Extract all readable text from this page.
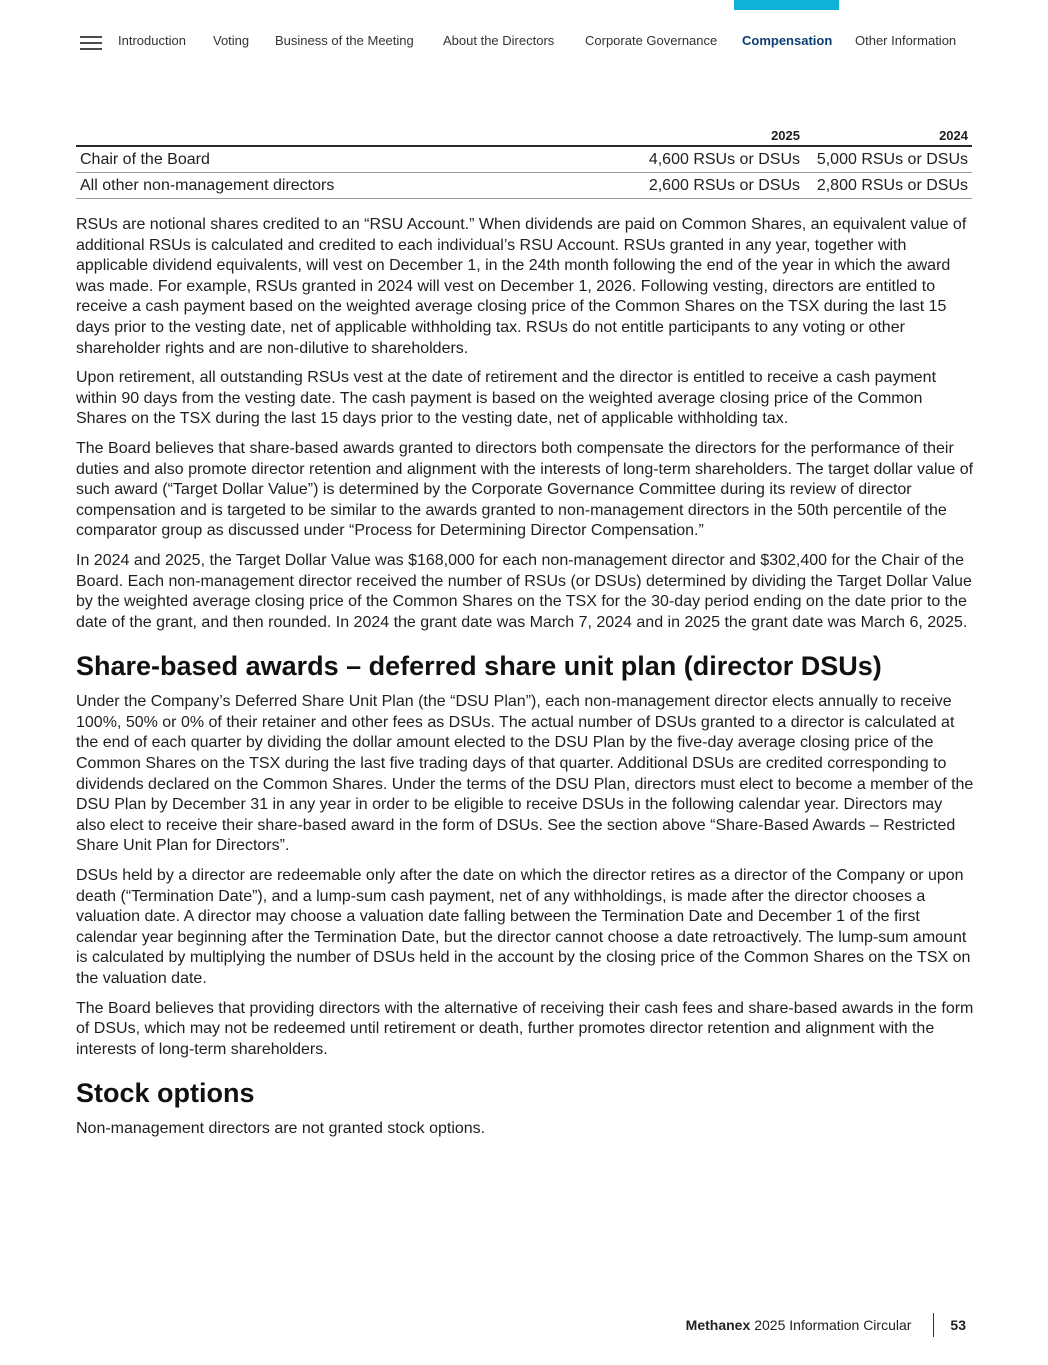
Introduction Voting Business of the Meeting About the Directors Corporate Governance Compensation Other Information
	2025	2024
Chair of the Board	4,600 RSUs or DSUs	5,000 RSUs or DSUs
All other non-management directors	2,600 RSUs or DSUs	2,800 RSUs or DSUs

RSUs are notional shares credited to an “RSU Account.” When dividends are paid on Common Shares, an equivalent value of additional RSUs is calculated and credited to each individual’s RSU Account. RSUs granted in any year, together with applicable dividend equivalents, will vest on December 1, in the 24th month following the end of the year in which the award was made. For example, RSUs granted in 2024 will vest on December 1, 2026. Following vesting, directors are entitled to receive a cash payment based on the weighted average closing price of the Common Shares on the TSX during the last 15 days prior to the vesting date, net of applicable withholding tax. RSUs do not entitle participants to any voting or other shareholder rights and are non-dilutive to shareholders.

Upon retirement, all outstanding RSUs vest at the date of retirement and the director is entitled to receive a cash payment within 90 days from the vesting date. The cash payment is based on the weighted average closing price of the Common Shares on the TSX during the last 15 days prior to the vesting date, net of applicable withholding tax.

The Board believes that share-based awards granted to directors both compensate the directors for the performance of their duties and also promote director retention and alignment with the interests of long-term shareholders. The target dollar value of such award (“Target Dollar Value”) is determined by the Corporate Governance Committee during its review of director compensation and is targeted to be similar to the awards granted to non-management directors in the 50th percentile of the comparator group as discussed under “Process for Determining Director Compensation.”

In 2024 and 2025, the Target Dollar Value was $168,000 for each non-management director and $302,400 for the Chair of the Board. Each non-management director received the number of RSUs (or DSUs) determined by dividing the Target Dollar Value by the weighted average closing price of the Common Shares on the TSX for the 30-day period ending on the date prior to the date of the grant, and then rounded. In 2024 the grant date was March 7, 2024 and in 2025 the grant date was March 6, 2025.

Share-based awards – deferred share unit plan (director DSUs)

Under the Company’s Deferred Share Unit Plan (the “DSU Plan”), each non-management director elects annually to receive 100%, 50% or 0% of their retainer and other fees as DSUs. The actual number of DSUs granted to a director is calculated at the end of each quarter by dividing the dollar amount elected to the DSU Plan by the five-day average closing price of the Common Shares on the TSX during the last five trading days of that quarter. Additional DSUs are credited corresponding to dividends declared on the Common Shares. Under the terms of the DSU Plan, directors must elect to become a member of the DSU Plan by December 31 in any year in order to be eligible to receive DSUs in the following calendar year. Directors may also elect to receive their share-based award in the form of DSUs. See the section above “Share-Based Awards – Restricted Share Unit Plan for Directors”.

DSUs held by a director are redeemable only after the date on which the director retires as a director of the Company or upon death (“Termination Date”), and a lump-sum cash payment, net of any withholdings, is made after the director chooses a valuation date. A director may choose a valuation date falling between the Termination Date and December 1 of the first calendar year beginning after the Termination Date, but the director cannot choose a date retroactively. The lump-sum amount is calculated by multiplying the number of DSUs held in the account by the closing price of the Common Shares on the TSX on the valuation date.

The Board believes that providing directors with the alternative of receiving their cash fees and share-based awards in the form of DSUs, which may not be redeemed until retirement or death, further promotes director retention and alignment with the interests of long-term shareholders.

Stock options

Non-management directors are not granted stock options.

Methanex 2025 Information Circular	53
